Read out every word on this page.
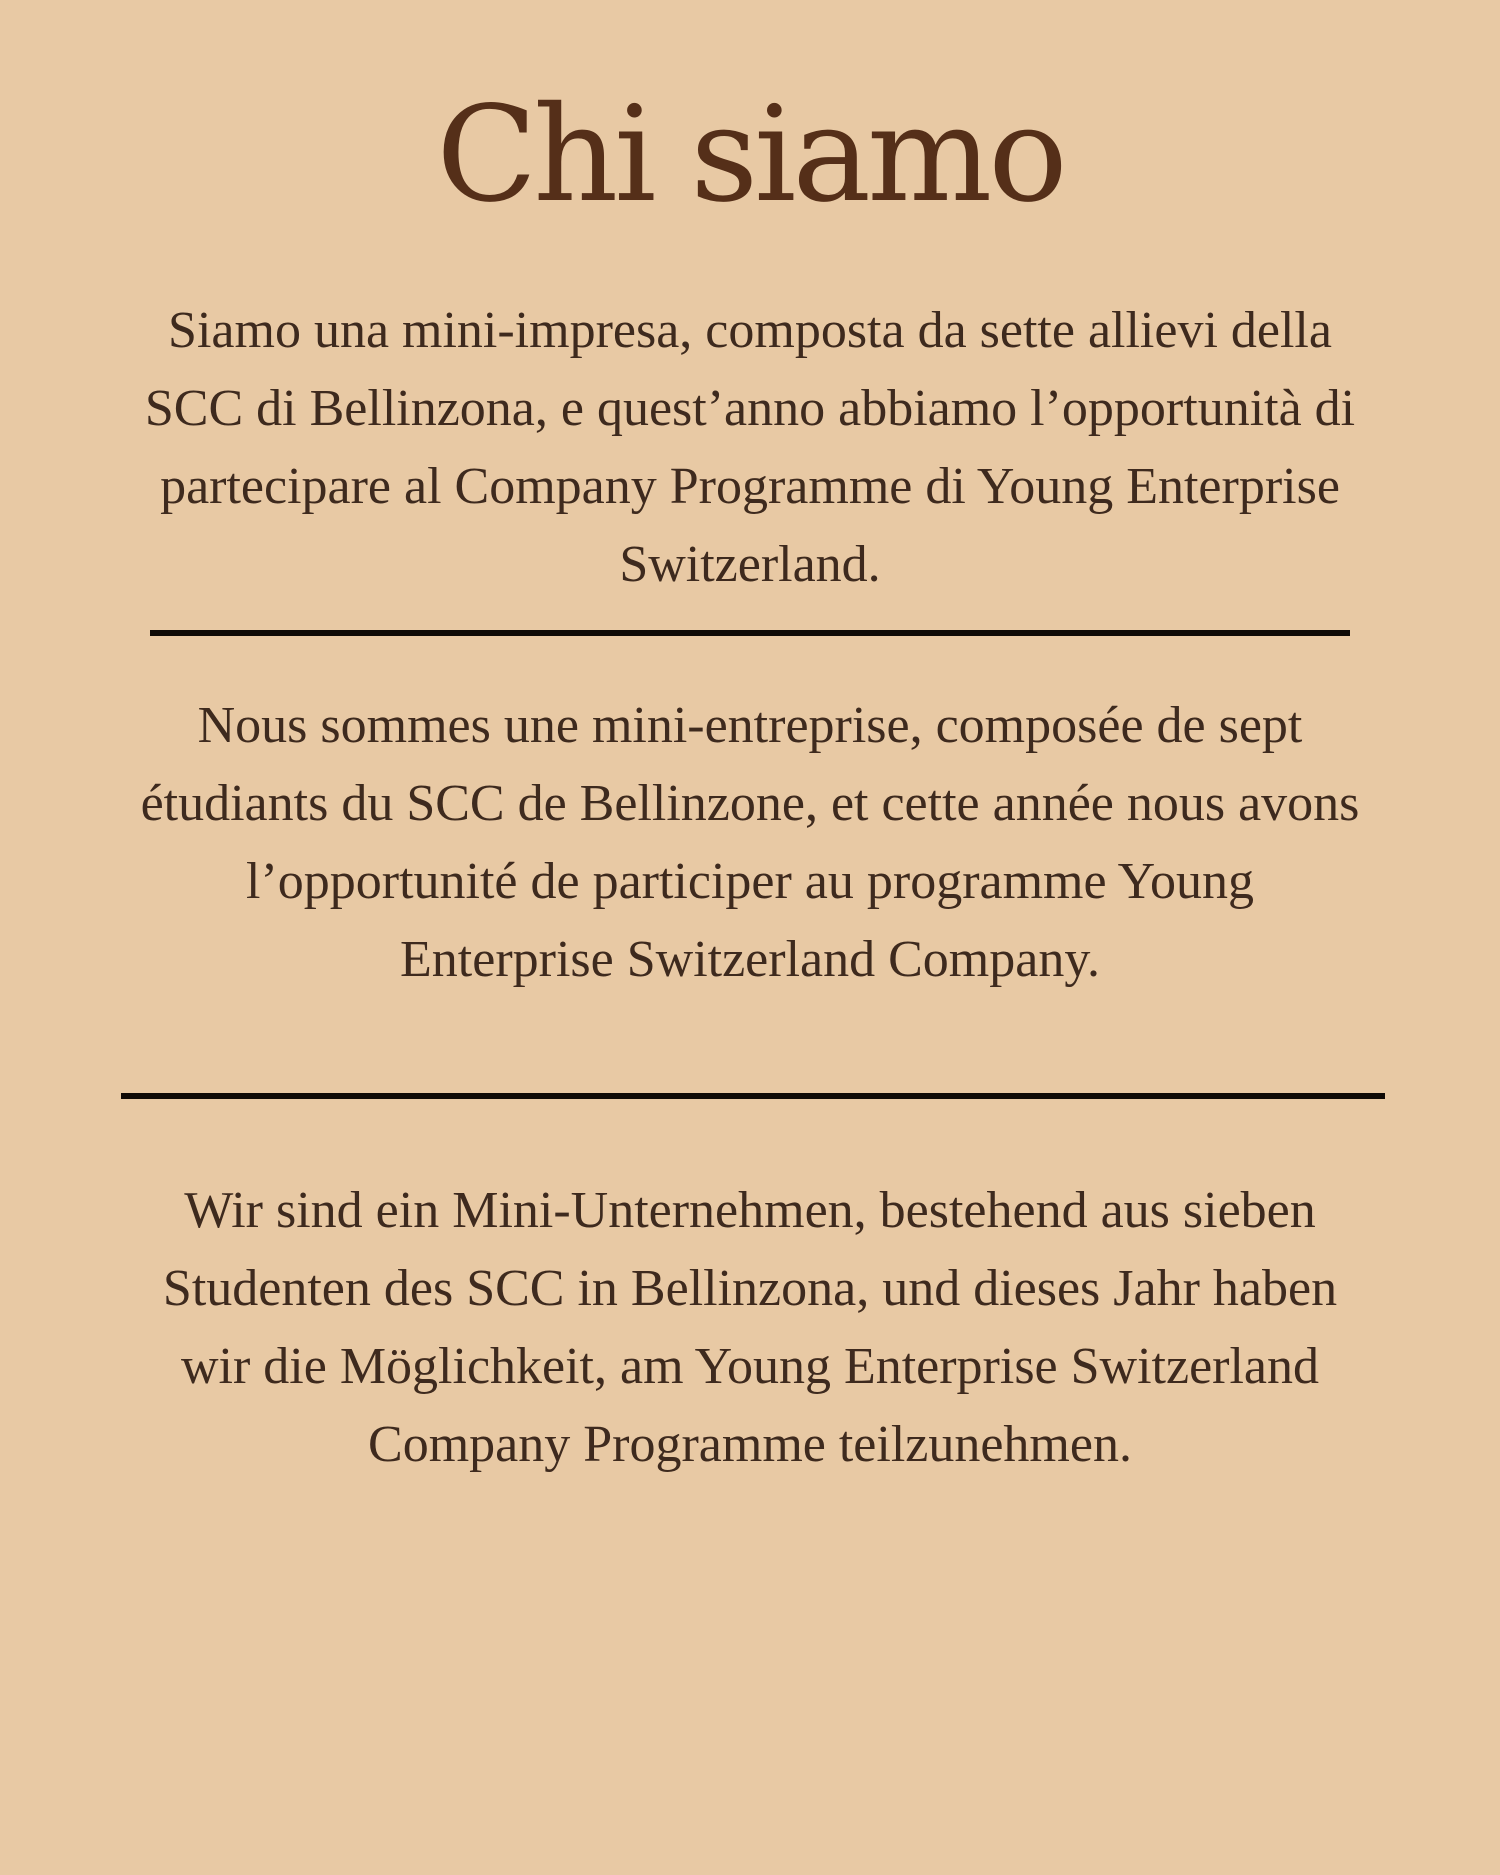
Chi siamo

Siamo una mini-impresa, composta da sette allievi della SCC di Bellinzona, e quest’anno abbiamo l’opportunità di partecipare al Company Programme di Young Enterprise Switzerland.

Nous sommes une mini-entreprise, composée de sept étudiants du SCC de Bellinzone, et cette année nous avons l’opportunité de participer au programme Young Enterprise Switzerland Company.

Wir sind ein Mini-Unternehmen, bestehend aus sieben Studenten des SCC in Bellinzona, und dieses Jahr haben wir die Möglichkeit, am Young Enterprise Switzerland Company Programme teilzunehmen.
